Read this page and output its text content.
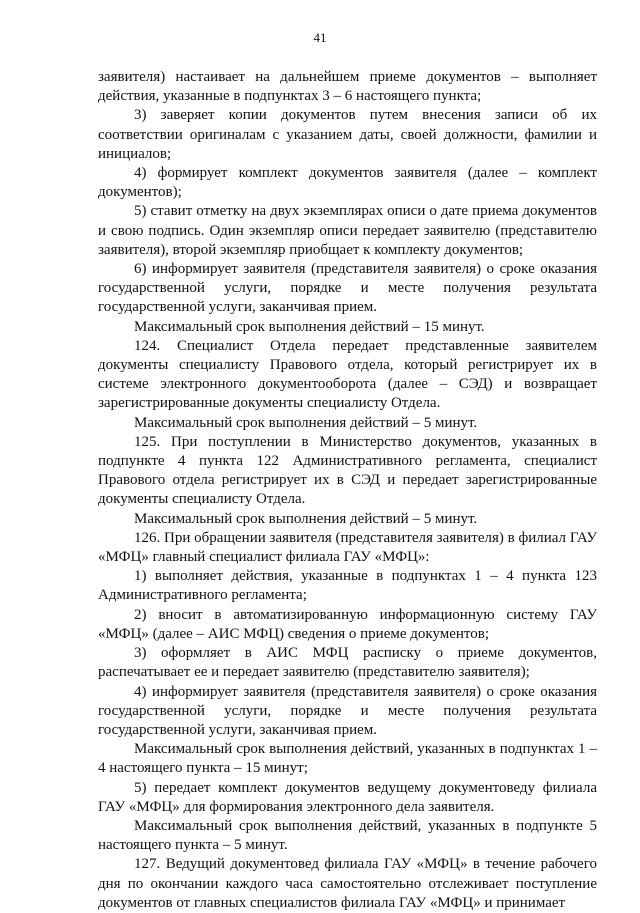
41

заявителя) настаивает на дальнейшем приеме документов – выполняет действия, указанные в подпунктах 3 – 6 настоящего пункта;

3) заверяет копии документов путем внесения записи об их соответствии оригиналам с указанием даты, своей должности, фамилии и инициалов;

4) формирует комплект документов заявителя (далее – комплект документов);

5) ставит отметку на двух экземплярах описи о дате приема документов и свою подпись. Один экземпляр описи передает заявителю (представителю заявителя), второй экземпляр приобщает к комплекту документов;

6) информирует заявителя (представителя заявителя) о сроке оказания государственной услуги, порядке и месте получения результата государственной услуги, заканчивая прием.

Максимальный срок выполнения действий – 15 минут.

124. Специалист Отдела передает представленные заявителем документы специалисту Правового отдела, который регистрирует их в системе электронного документооборота (далее – СЭД) и возвращает зарегистрированные документы специалисту Отдела.

Максимальный срок выполнения действий – 5 минут.

125. При поступлении в Министерство документов, указанных в подпункте 4 пункта 122 Административного регламента, специалист Правового отдела регистрирует их в СЭД и передает зарегистрированные документы специалисту Отдела.

Максимальный срок выполнения действий – 5 минут.

126. При обращении заявителя (представителя заявителя) в филиал ГАУ «МФЦ» главный специалист филиала ГАУ «МФЦ»:

1) выполняет действия, указанные в подпунктах 1 – 4 пункта 123 Административного регламента;

2) вносит в автоматизированную информационную систему ГАУ «МФЦ» (далее – АИС МФЦ) сведения о приеме документов;

3) оформляет в АИС МФЦ расписку о приеме документов, распечатывает ее и передает заявителю (представителю заявителя);

4) информирует заявителя (представителя заявителя) о сроке оказания государственной услуги, порядке и месте получения результата государственной услуги, заканчивая прием.

Максимальный срок выполнения действий, указанных в подпунктах 1 – 4 настоящего пункта – 15 минут;

5) передает комплект документов ведущему документоведу филиала ГАУ «МФЦ» для формирования электронного дела заявителя.

Максимальный срок выполнения действий, указанных в подпункте 5 настоящего пункта – 5 минут.

127. Ведущий документовед филиала ГАУ «МФЦ» в течение рабочего дня по окончании каждого часа самостоятельно отслеживает поступление документов от главных специалистов филиала ГАУ «МФЦ» и принимает
